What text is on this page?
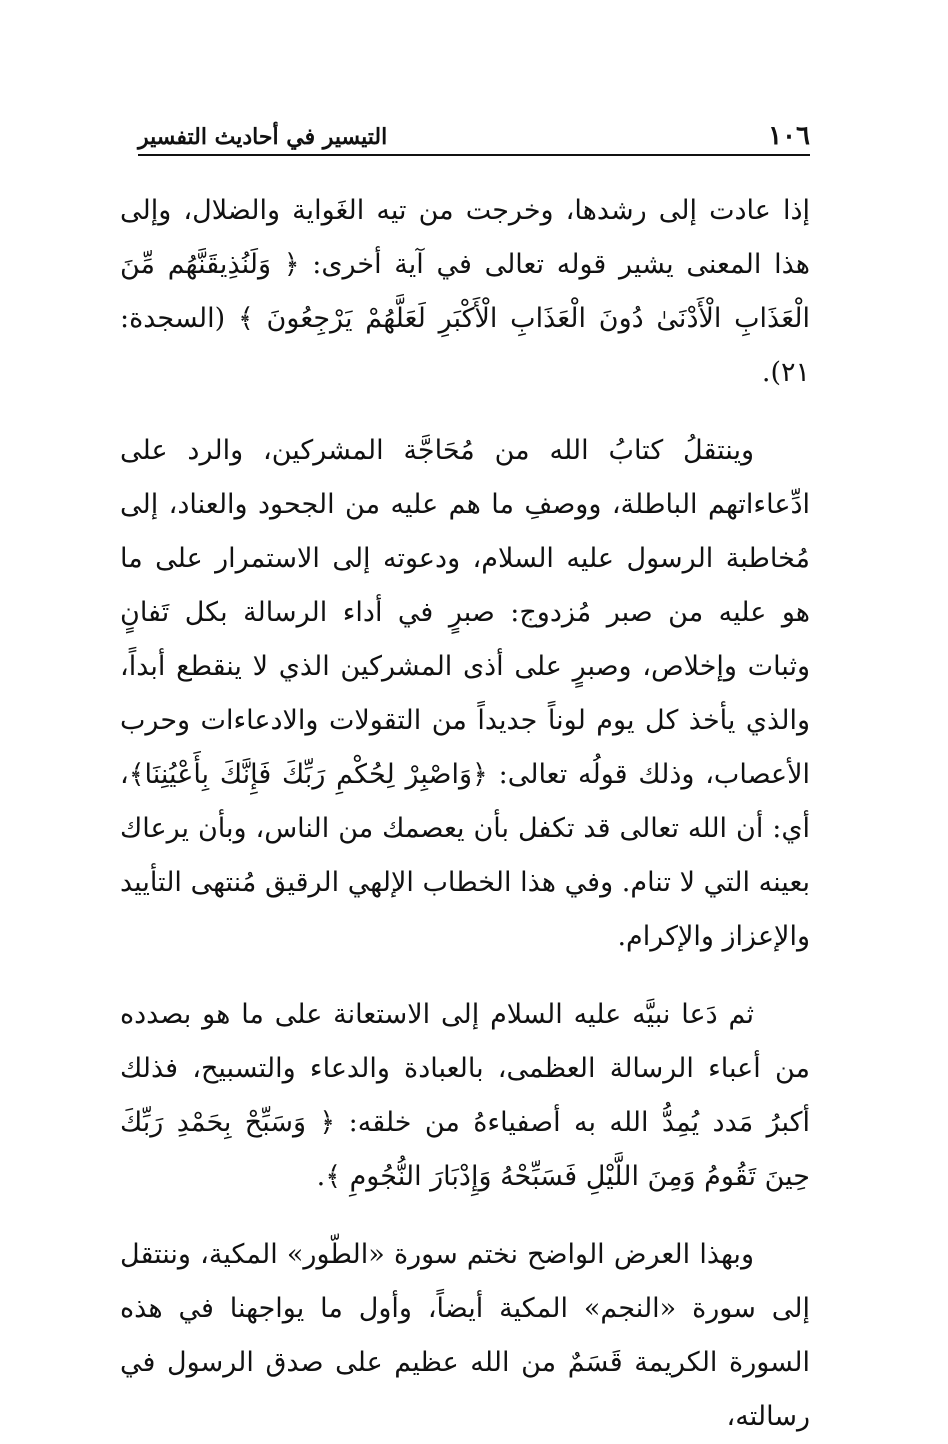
١٠٦
التيسير في أحاديث التفسير

إذا عادت إلى رشدها، وخرجت من تيه الغَواية والضلال، وإلى هذا المعنى يشير قوله تعالى في آية أخرى: ﴿ وَلَنُذِيقَنَّهُم مِّنَ الْعَذَابِ الْأَدْنَىٰ دُونَ الْعَذَابِ الْأَكْبَرِ لَعَلَّهُمْ يَرْجِعُونَ ﴾ (السجدة: ٢١).

وينتقلُ كتابُ الله من مُحَاجَّة المشركين، والرد على ادِّعاءاتهم الباطلة، ووصفِ ما هم عليه من الجحود والعناد، إلى مُخاطبة الرسول عليه السلام، ودعوته إلى الاستمرار على ما هو عليه من صبر مُزدوج: صبرٍ في أداء الرسالة بكل تَفانٍ وثبات وإخلاص، وصبرٍ على أذى المشركين الذي لا ينقطع أبداً، والذي يأخذ كل يوم لوناً جديداً من التقولات والادعاءات وحرب الأعصاب، وذلك قولُه تعالى: ﴿وَاصْبِرْ لِحُكْمِ رَبِّكَ فَإِنَّكَ بِأَعْيُنِنَا﴾، أي: أن الله تعالى قد تكفل بأن يعصمك من الناس، وبأن يرعاك بعينه التي لا تنام. وفي هذا الخطاب الإلهي الرقيق مُنتهى التأييد والإعزاز والإكرام.

ثم دَعا نبيَّه عليه السلام إلى الاستعانة على ما هو بصدده من أعباء الرسالة العظمى، بالعبادة والدعاء والتسبيح، فذلك أكبرُ مَدد يُمِدُّ الله به أصفياءهُ من خلقه: ﴿ وَسَبِّحْ بِحَمْدِ رَبِّكَ حِينَ تَقُومُ وَمِنَ اللَّيْلِ فَسَبِّحْهُ وَإِدْبَارَ النُّجُومِ ﴾.

وبهذا العرض الواضح نختم سورة «الطّور» المكية، وننتقل إلى سورة «النجم» المكية أيضاً، وأول ما يواجهنا في هذه السورة الكريمة قَسَمٌ من الله عظيم على صدق الرسول في رسالته،
